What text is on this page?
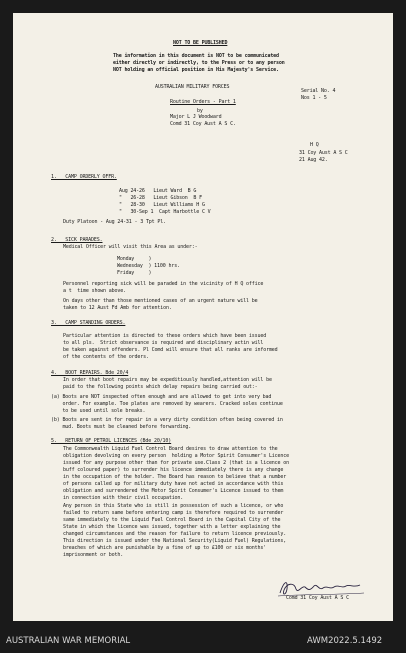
NOT TO BE PUBLISHED
The information in this document is NOT to be communicated
either directly or indirectly, to the Press or to any person
NOT holding an official position in His Majesty's Service.
AUSTRALIAN MILITARY FORCES
Serial No. 4
Nos 1 - 5
Routine Orders - Part 1
by
Major L J Woodward
Comd 31 Coy Aust A S C.
H Q
31 Coy Aust A S C
21 Aug 42.
1.   CAMP ORDERLY OFFR.
Aug 24-26   Lieut Ward  B G
"   26-28   Lieut Gibson  B F
"   28-30   Lieut Williams H G
"   30-Sep 1  Capt Harbottle C V
Duty Platoon - Aug 24-31 - 3 Tpt Pl.
2.   SICK PARADES.
Medical Officer will visit this Area as under:-
Monday     )
Wednesday  ) 1100 hrs.
Friday     )
Personnel reporting sick will be paraded in the vicinity of H Q office
a t  time shown above.
On days other than those mentioned cases of an urgent nature will be
taken to 12 Aust Fd Amb for attention.
3.   CAMP STANDING ORDERS.
Particular attention is directed to these orders which have been issued
to all pls.  Strict observance is required and disciplinary actin will
be taken against offenders. Pl Comd will ensure that all ranks are informed
of the contents of the orders.
4.   BOOT REPAIRS. Bde 20/4
In order that boot repairs may be expeditiously handled,attention will be
paid to the following points which delay repairs being carried out:-
(a) Boots are NOT inspected often enough and are allowed to get into very bad
order. For example. Toe plates are removed by wearers. Cracked soles continue
to be used until sole breaks.
(b) Boots are sent in for repair in a very dirty condition often being covered in
mud. Boots must be cleaned before forwarding.
5.   RETURN OF PETROL LICENCES (Bde 20/10)
The Commonwealth Liquid Fuel Control Board desires to draw attention to the
obligation devolving on every person  holding a Motor Spirit Consumer's Licence
issued for any purpose other than for private use.Class 2 (that is a licence on
buff coloured paper) to surrender his licence immediately there is any change
in the occupation of the holder. The Board has reason to believe that a number
of persons called up for military duty have not acted in accordance with this
obligation and surrendered the Motor Spirit Consumer's Licence issued to them
in connection with their civil occupation.
Any person in this State who is still in possession of such a licence, or who
failed to return same before entering camp is therefore required to surrender
same immediately to the Liquid Fuel Control Board in the Capital City of the
State in which the licence was issued, together with a letter explaining the
changed circumstances and the reason for failure to return licence previously.
This direction is issued under the National Security(Liquid Fuel) Regulations,
breaches of which are punishable by a fine of up to £100 or six months'
imprisonment or both.
Comd 31 Coy Aust A S C
AUSTRALIAN WAR MEMORIAL	AWM2022.5.1492
